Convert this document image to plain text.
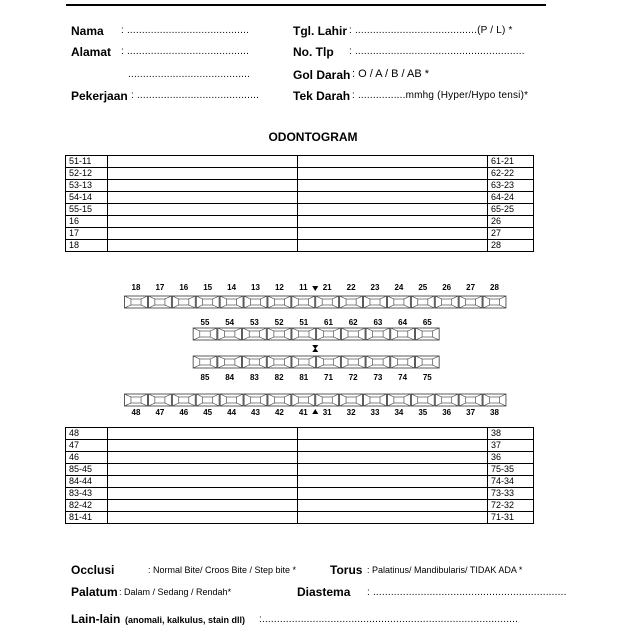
Nama : .........................................
Alamat : .........................................
.........................................
Pekerjaan : .........................................
Tgl. Lahir : .........................................(P / L) *
No. Tlp : .........................................................
Gol Darah : O / A / B / AB *
Tek Darah : ................mmhg (Hyper/Hypo tensi)*
ODONTOGRAM
51-11			61-21
52-12			62-22
53-13			63-23
54-14			64-24
55-15			65-25
16			26
17			27
18			28
18 17 16 15 14 13 12 11 21 22 23 24 25 26 27 28
55 54 53 52 51 61 62 63 64 65
85 84 83 82 81 71 72 73 74 75
48 47 46 45 44 43 42 41 31 32 33 34 35 36 37 38
48			38
47			37
46			36
85-45			75-35
84-44			74-34
83-43			73-33
82-42			72-32
81-41			71-31
Occlusi	: Normal Bite/ Croos Bite / Step bite *	Torus : Palatinus/ Mandibularis/ TIDAK ADA *
Palatum : Dalam / Sedang / Rendah*	Diastema : .................................................................
Lain-lain (anomali, kalkulus, stain dll) :......................................................................................
